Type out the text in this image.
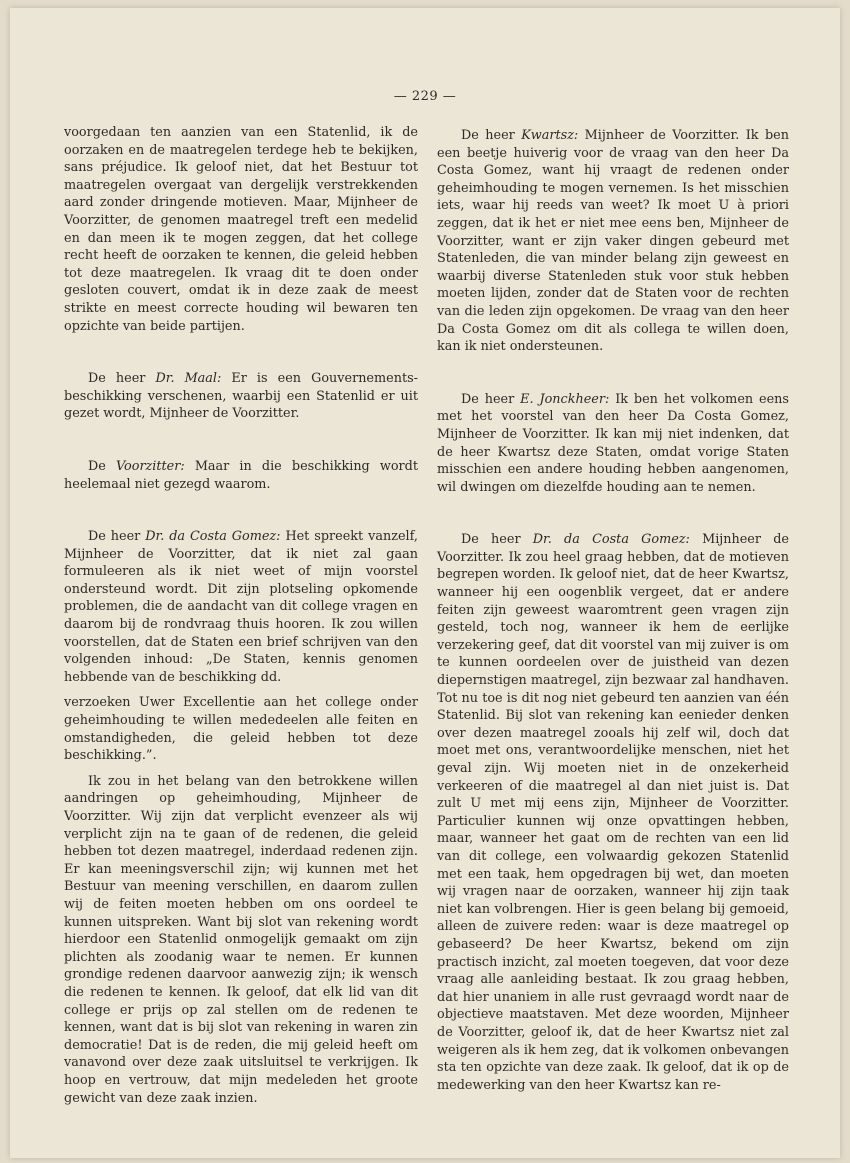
— 229 —

voorgedaan ten aanzien van een Statenlid, ik de oorzaken en de maatregelen terdege heb te bekijken, sans préjudice. Ik geloof niet, dat het Bestuur tot maatregelen overgaat van dergelijk verstrekkenden aard zonder dringende motieven. Maar, Mijnheer de Voorzitter, de genomen maatregel treft een medelid en dan meen ik te mogen zeggen, dat het college recht heeft de oorzaken te kennen, die geleid hebben tot deze maatregelen. Ik vraag dit te doen onder gesloten couvert, omdat ik in deze zaak de meest strikte en meest correcte houding wil bewaren ten opzichte van beide partijen.

De heer Dr. Maal: Er is een Gouvernements-beschikking verschenen, waarbij een Statenlid er uit gezet wordt, Mijnheer de Voorzitter.

De Voorzitter: Maar in die beschikking wordt heelemaal niet gezegd waarom.

De heer Dr. da Costa Gomez: Het spreekt vanzelf, Mijnheer de Voorzitter, dat ik niet zal gaan formuleeren als ik niet weet of mijn voorstel ondersteund wordt. Dit zijn plotseling opkomende problemen, die de aandacht van dit college vragen en daarom bij de rondvraag thuis hooren. Ik zou willen voorstellen, dat de Staten een brief schrijven van den volgenden inhoud: „De Staten, kennis genomen hebbende van de beschikking dd.

verzoeken Uwer Excellentie aan het college onder geheimhouding te willen mededeelen alle feiten en omstandigheden, die geleid hebben tot deze beschikking.”.

Ik zou in het belang van den betrokkene willen aandringen op geheimhouding, Mijnheer de Voorzitter. Wij zijn dat verplicht evenzeer als wij verplicht zijn na te gaan of de redenen, die geleid hebben tot dezen maatregel, inderdaad redenen zijn. Er kan meeningsverschil zijn; wij kunnen met het Bestuur van meening verschillen, en daarom zullen wij de feiten moeten hebben om ons oordeel te kunnen uitspreken. Want bij slot van rekening wordt hierdoor een Statenlid onmogelijk gemaakt om zijn plichten als zoodanig waar te nemen. Er kunnen grondige redenen daarvoor aanwezig zijn; ik wensch die redenen te kennen. Ik geloof, dat elk lid van dit college er prijs op zal stellen om de redenen te kennen, want dat is bij slot van rekening in waren zin democratie! Dat is de reden, die mij geleid heeft om vanavond over deze zaak uitsluitsel te verkrijgen. Ik hoop en vertrouw, dat mijn medeleden het groote gewicht van deze zaak inzien.

De heer Kwartsz: Mijnheer de Voorzitter. Ik ben een beetje huiverig voor de vraag van den heer Da Costa Gomez, want hij vraagt de redenen onder geheimhouding te mogen vernemen. Is het misschien iets, waar hij reeds van weet? Ik moet U à priori zeggen, dat ik het er niet mee eens ben, Mijnheer de Voorzitter, want er zijn vaker dingen gebeurd met Statenleden, die van minder belang zijn geweest en waarbij diverse Statenleden stuk voor stuk hebben moeten lijden, zonder dat de Staten voor de rechten van die leden zijn opgekomen. De vraag van den heer Da Costa Gomez om dit als collega te willen doen, kan ik niet ondersteunen.

De heer E. Jonckheer: Ik ben het volkomen eens met het voorstel van den heer Da Costa Gomez, Mijnheer de Voorzitter. Ik kan mij niet indenken, dat de heer Kwartsz deze Staten, omdat vorige Staten misschien een andere houding hebben aangenomen, wil dwingen om diezelfde houding aan te nemen.

De heer Dr. da Costa Gomez: Mijnheer de Voorzitter. Ik zou heel graag hebben, dat de motieven begrepen worden. Ik geloof niet, dat de heer Kwartsz, wanneer hij een oogenblik vergeet, dat er andere feiten zijn geweest waaromtrent geen vragen zijn gesteld, toch nog, wanneer ik hem de eerlijke verzekering geef, dat dit voorstel van mij zuiver is om te kunnen oordeelen over de juistheid van dezen diepernstigen maatregel, zijn bezwaar zal handhaven. Tot nu toe is dit nog niet gebeurd ten aanzien van één Statenlid. Bij slot van rekening kan eenieder denken over dezen maatregel zooals hij zelf wil, doch dat moet met ons, verantwoordelijke menschen, niet het geval zijn. Wij moeten niet in de onzekerheid verkeeren of die maatregel al dan niet juist is. Dat zult U met mij eens zijn, Mijnheer de Voorzitter. Particulier kunnen wij onze opvattingen hebben, maar, wanneer het gaat om de rechten van een lid van dit college, een volwaardig gekozen Statenlid met een taak, hem opgedragen bij wet, dan moeten wij vragen naar de oorzaken, wanneer hij zijn taak niet kan volbrengen. Hier is geen belang bij gemoeid, alleen de zuivere reden: waar is deze maatregel op gebaseerd? De heer Kwartsz, bekend om zijn practisch inzicht, zal moeten toegeven, dat voor deze vraag alle aanleiding bestaat. Ik zou graag hebben, dat hier unaniem in alle rust gevraagd wordt naar de objectieve maatstaven. Met deze woorden, Mijnheer de Voorzitter, geloof ik, dat de heer Kwartsz niet zal weigeren als ik hem zeg, dat ik volkomen onbevangen sta ten opzichte van deze zaak. Ik geloof, dat ik op de medewerking van den heer Kwartsz kan re-
